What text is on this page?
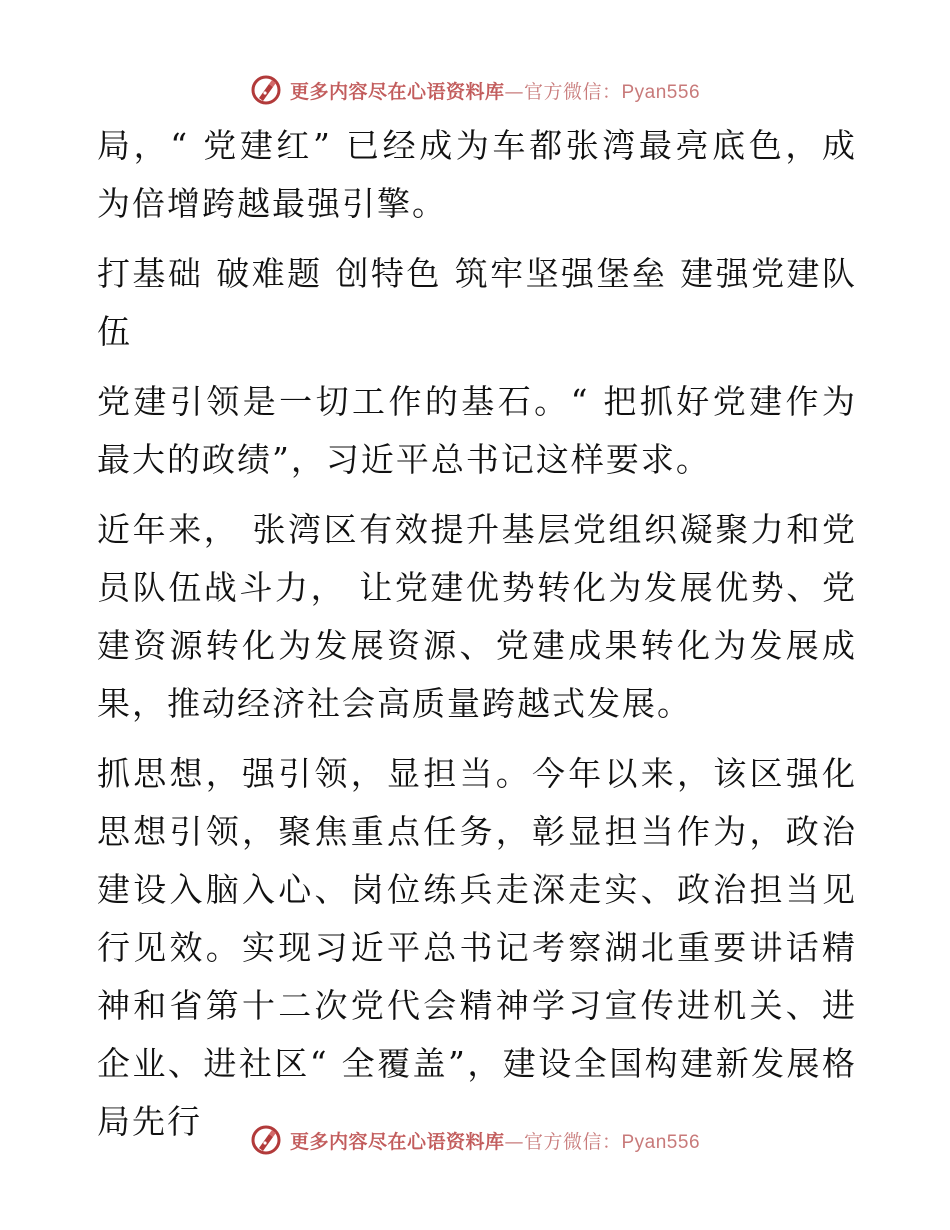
更多内容尽在心语资料库—官方微信：Pyan556

局，“ 党建红” 已经成为车都张湾最亮底色，成为倍增跨越最强引擎。

打基础 破难题 创特色 筑牢坚强堡垒 建强党建队伍

党建引领是一切工作的基石。“ 把抓好党建作为最大的政绩”，习近平总书记这样要求。

近年来， 张湾区有效提升基层党组织凝聚力和党员队伍战斗力， 让党建优势转化为发展优势、党建资源转化为发展资源、党建成果转化为发展成果，推动经济社会高质量跨越式发展。

抓思想，强引领，显担当。今年以来，该区强化思想引领，聚焦重点任务，彰显担当作为，政治建设入脑入心、岗位练兵走深走实、政治担当见行见效。实现习近平总书记考察湖北重要讲话精神和省第十二次党代会精神学习宣传进机关、进企业、进社区“ 全覆盖”，建设全国构建新发展格局先行

更多内容尽在心语资料库—官方微信：Pyan556
